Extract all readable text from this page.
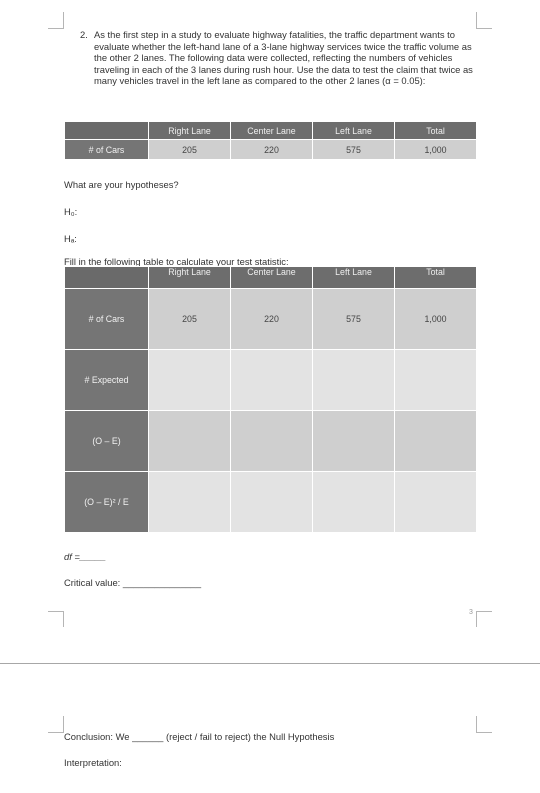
2. As the first step in a study to evaluate highway fatalities, the traffic department wants to evaluate whether the left-hand lane of a 3-lane highway services twice the traffic volume as the other 2 lanes. The following data were collected, reflecting the numbers of vehicles traveling in each of the 3 lanes during rush hour. Use the data to test the claim that twice as many vehicles travel in the left lane as compared to the other 2 lanes (α = 0.05):
	Right Lane	Center Lane	Left Lane	Total
# of Cars	205	220	575	1,000
What are your hypotheses?
H₀:
Hₐ:
Fill in the following table to calculate your test statistic:
	Right Lane	Center Lane	Left Lane	Total
# of Cars	205	220	575	1,000
# Expected				
(O – E)				
(O – E)² / E				
df =_____
Critical value: _______________
3
Conclusion: We ______ (reject / fail to reject) the Null Hypothesis
Interpretation:
